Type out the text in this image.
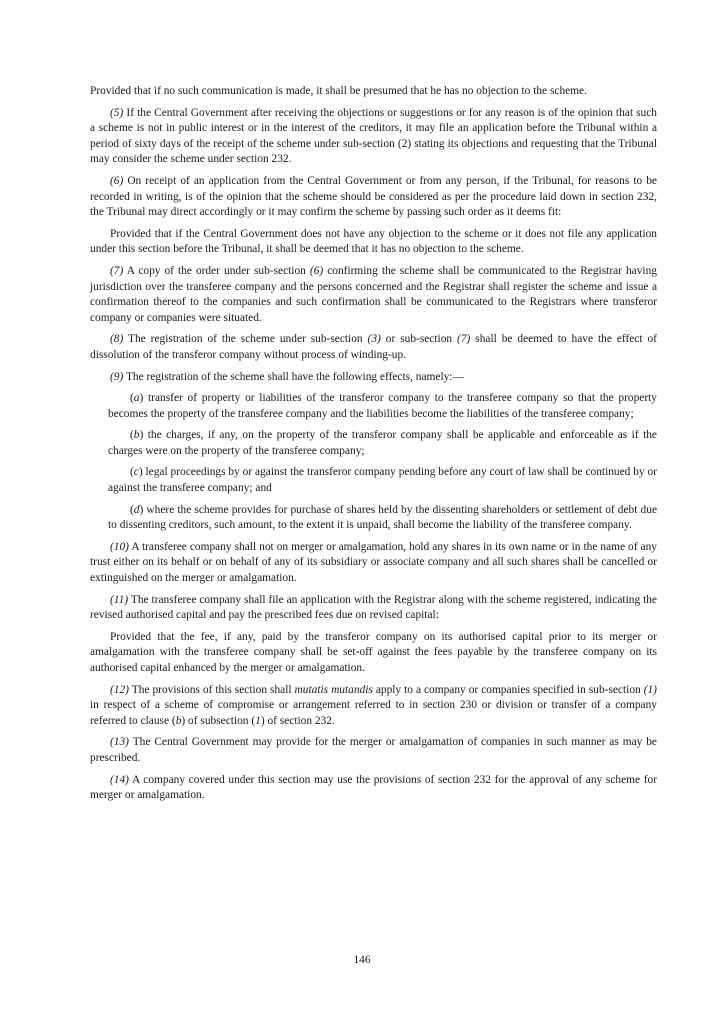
Provided that if no such communication is made, it shall be presumed that he has no objection to the scheme.

(5) If the Central Government after receiving the objections or suggestions or for any reason is of the opinion that such a scheme is not in public interest or in the interest of the creditors, it may file an application before the Tribunal within a period of sixty days of the receipt of the scheme under sub-section (2) stating its objections and requesting that the Tribunal may consider the scheme under section 232.

(6) On receipt of an application from the Central Government or from any person, if the Tribunal, for reasons to be recorded in writing, is of the opinion that the scheme should be considered as per the procedure laid down in section 232, the Tribunal may direct accordingly or it may confirm the scheme by passing such order as it deems fit:

Provided that if the Central Government does not have any objection to the scheme or it does not file any application under this section before the Tribunal, it shall be deemed that it has no objection to the scheme.

(7) A copy of the order under sub-section (6) confirming the scheme shall be communicated to the Registrar having jurisdiction over the transferee company and the persons concerned and the Registrar shall register the scheme and issue a confirmation thereof to the companies and such confirmation shall be communicated to the Registrars where transferor company or companies were situated.

(8) The registration of the scheme under sub-section (3) or sub-section (7) shall be deemed to have the effect of dissolution of the transferor company without process of winding-up.

(9) The registration of the scheme shall have the following effects, namely:—

(a) transfer of property or liabilities of the transferor company to the transferee company so that the property becomes the property of the transferee company and the liabilities become the liabilities of the transferee company;

(b) the charges, if any, on the property of the transferor company shall be applicable and enforceable as if the charges were on the property of the transferee company;

(c) legal proceedings by or against the transferor company pending before any court of law shall be continued by or against the transferee company; and

(d) where the scheme provides for purchase of shares held by the dissenting shareholders or settlement of debt due to dissenting creditors, such amount, to the extent it is unpaid, shall become the liability of the transferee company.

(10) A transferee company shall not on merger or amalgamation, hold any shares in its own name or in the name of any trust either on its behalf or on behalf of any of its subsidiary or associate company and all such shares shall be cancelled or extinguished on the merger or amalgamation.

(11) The transferee company shall file an application with the Registrar along with the scheme registered, indicating the revised authorised capital and pay the prescribed fees due on revised capital:

Provided that the fee, if any, paid by the transferor company on its authorised capital prior to its merger or amalgamation with the transferee company shall be set-off against the fees payable by the transferee company on its authorised capital enhanced by the merger or amalgamation.

(12) The provisions of this section shall mutatis mutandis apply to a company or companies specified in sub-section (1) in respect of a scheme of compromise or arrangement referred to in section 230 or division or transfer of a company referred to clause (b) of subsection (1) of section 232.

(13) The Central Government may provide for the merger or amalgamation of companies in such manner as may be prescribed.

(14) A company covered under this section may use the provisions of section 232 for the approval of any scheme for merger or amalgamation.

146
